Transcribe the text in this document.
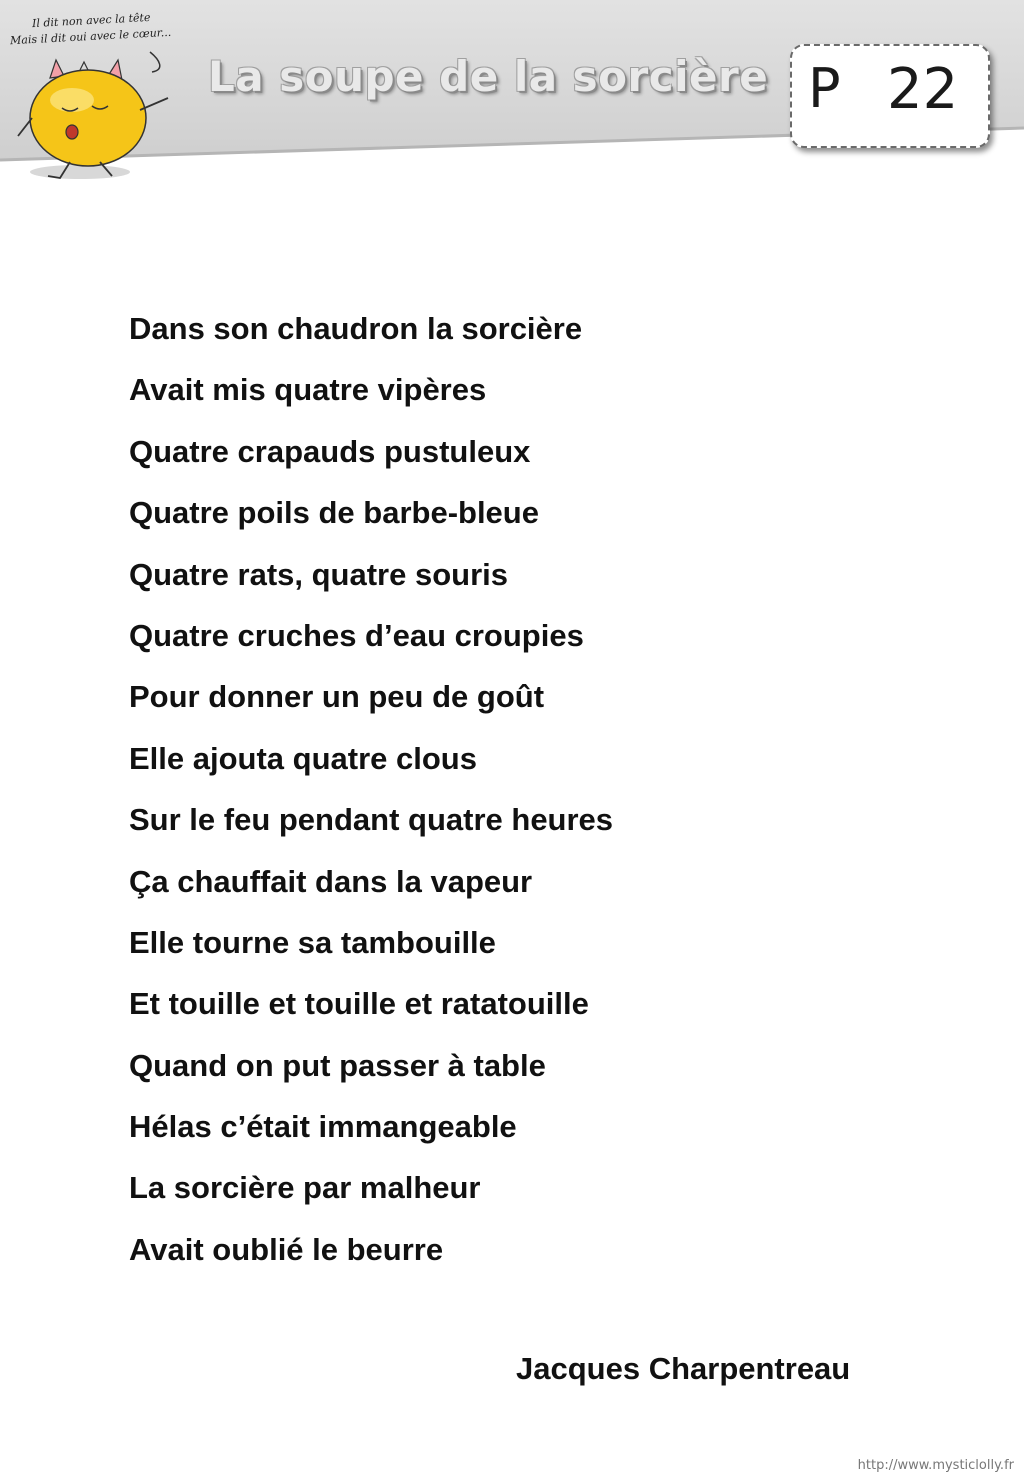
Il dit non avec la tête
Mais il dit oui avec le cœur...
La soupe de la sorcière P 22
Dans son chaudron la sorcière
Avait mis quatre vipères
Quatre crapauds pustuleux
Quatre poils de barbe-bleue
Quatre rats, quatre souris
Quatre cruches d’eau croupies
Pour donner un peu de goût
Elle ajouta quatre clous
Sur le feu pendant quatre heures
Ça chauffait dans la vapeur
Elle tourne sa tambouille
Et touille et touille et ratatouille
Quand on put passer à table
Hélas c’était immangeable
La sorcière par malheur
Avait oublié le beurre
Jacques Charpentreau
http://www.mysticlolly.fr
